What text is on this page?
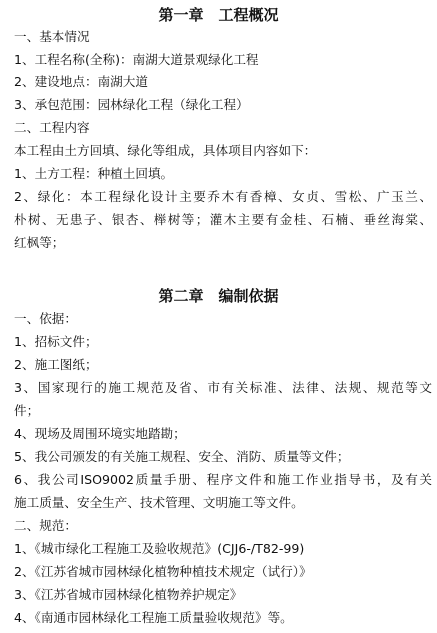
第一章　工程概况
一、基本情况
1、工程名称(全称)：南湖大道景观绿化工程
2、建设地点：南湖大道
3、承包范围：园林绿化工程（绿化工程）
二、工程内容
本工程由土方回填、绿化等组成，具体项目内容如下：
1、土方工程：种植土回填。
2、绿化：本工程绿化设计主要乔木有香樟、女贞、雪松、广玉兰、
朴树、无患子、银杏、榉树等；灌木主要有金桂、石楠、垂丝海棠、
红枫等；
第二章　编制依据
一、依据：
1、招标文件；
2、施工图纸；
3、国家现行的施工规范及省、市有关标准、法律、法规、规范等文
件；
4、现场及周围环境实地踏勘；
5、我公司颁发的有关施工规程、安全、消防、质量等文件；
6、我公司ISO9002质量手册、程序文件和施工作业指导书，及有关
施工质量、安全生产、技术管理、文明施工等文件。
二、规范：
1、《城市绿化工程施工及验收规范》(CJJ6-/T82-99)
2、《江苏省城市园林绿化植物种植技术规定（试行）》
3、《江苏省城市园林绿化植物养护规定》
4、《南通市园林绿化工程施工质量验收规范》等。
